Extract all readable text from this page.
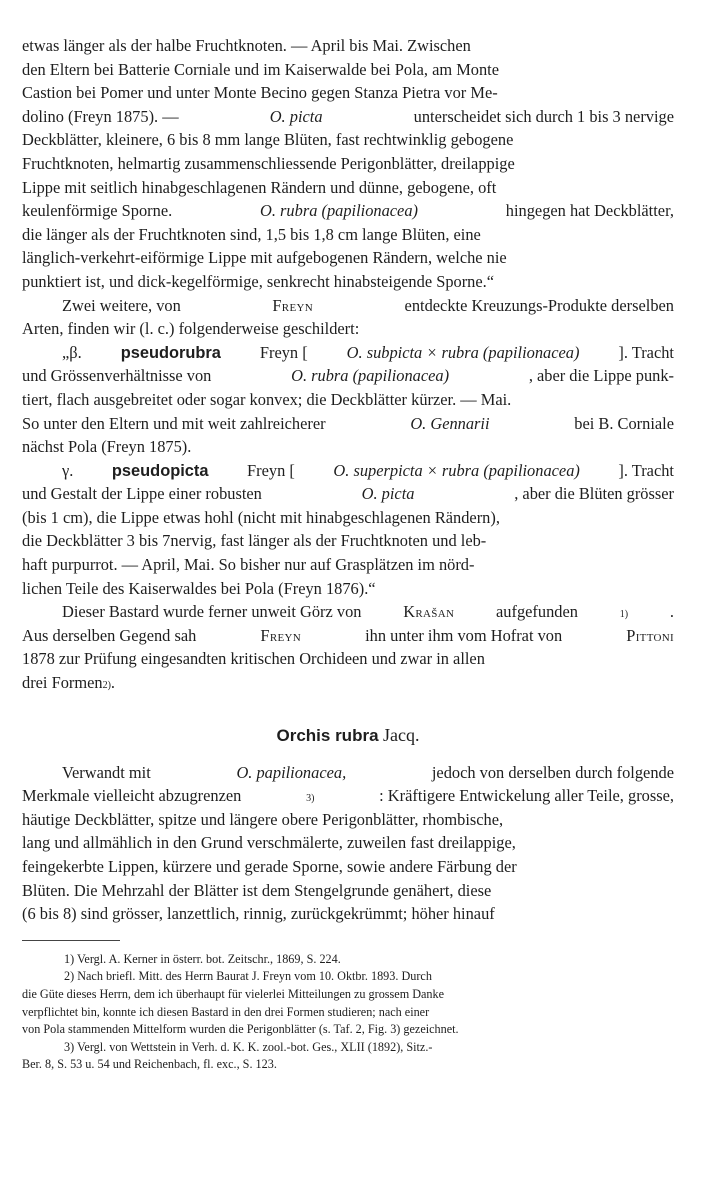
etwas länger als der halbe Fruchtknoten. — April bis Mai. Zwischen
den Eltern bei Batterie Corniale und im Kaiserwalde bei Pola, am Monte
Castion bei Pomer und unter Monte Becino gegen Stanza Pietra vor Me-
dolino (Freyn 1875). —	O. picta	unterscheidet sich durch 1 bis 3 nervige
Deckblätter, kleinere, 6 bis 8 mm lange Blüten, fast rechtwinklig gebogene
Fruchtknoten, helmartig zusammenschliessende Perigonblätter, dreilappige
Lippe mit seitlich hinabgeschlagenen Rändern und dünne, gebogene, oft
keulenförmige Sporne.	O. rubra (papilionacea)	hingegen hat Deckblätter,
die länger als der Fruchtknoten sind, 1,5 bis 1,8 cm lange Blüten, eine
länglich-verkehrt-eiförmige Lippe mit aufgebogenen Rändern, welche nie
punktiert ist, und dick-kegelförmige, senkrecht hinabsteigende Sporne.“
Zwei weitere, von	Freyn	entdeckte Kreuzungs-Produkte derselben
Arten, finden wir (l. c.) folgenderweise geschildert:
„β. pseudorubra Freyn [ O. subpicta × rubra (papilionacea) ]. Tracht
und Grössenverhältnisse von	O. rubra (papilionacea)	, aber die Lippe punk-
tiert, flach ausgebreitet oder sogar konvex; die Deckblätter kürzer. — Mai.
So unter den Eltern und mit weit zahlreicherer	O. Gennarii	bei B. Corniale
nächst Pola (Freyn 1875).
γ. pseudopicta Freyn [ O. superpicta × rubra (papilionacea) ]. Tracht
und Gestalt der Lippe einer robusten	O. picta	, aber die Blüten grösser
(bis 1 cm), die Lippe etwas hohl (nicht mit hinabgeschlagenen Rändern),
die Deckblätter 3 bis 7nervig, fast länger als der Fruchtknoten und leb-
haft purpurrot. — April, Mai. So bisher nur auf Grasplätzen im nörd-
lichen Teile des Kaiserwaldes bei Pola (Freyn 1876).“
Dieser Bastard wurde ferner unweit Görz von	Krašan	aufgefunden	1)	.
Aus derselben Gegend sah	Freyn	ihn unter ihm vom Hofrat von	Pittoni
1878 zur Prüfung eingesandten kritischen Orchideen und zwar in allen
drei Formen 2) .
Orchis rubra Jacq.
Verwandt mit	O. papilionacea,	jedoch von derselben durch folgende
Merkmale vielleicht abzugrenzen	3)	: Kräftigere Entwickelung aller Teile, grosse,
häutige Deckblätter, spitze und längere obere Perigonblätter, rhombische,
lang und allmählich in den Grund verschmälerte, zuweilen fast dreilappige,
feingekerbte Lippen, kürzere und gerade Sporne, sowie andere Färbung der
Blüten. Die Mehrzahl der Blätter ist dem Stengelgrunde genähert, diese
(6 bis 8) sind grösser, lanzettlich, rinnig, zurückgekrümmt; höher hinauf
1) Vergl. A. Kerner in österr. bot. Zeitschr., 1869, S. 224.
2) Nach briefl. Mitt. des Herrn Baurat J. Freyn vom 10. Oktbr. 1893. Durch
die Güte dieses Herrn, dem ich überhaupt für vielerlei Mitteilungen zu grossem Danke
verpflichtet bin, konnte ich diesen Bastard in den drei Formen studieren; nach einer
von Pola stammenden Mittelform wurden die Perigonblätter (s. Taf. 2, Fig. 3) gezeichnet.
3) Vergl. von Wettstein in Verh. d. K. K. zool.-bot. Ges., XLII (1892), Sitz.-
Ber. 8, S. 53 u. 54 und Reichenbach, fl. exc., S. 123.
